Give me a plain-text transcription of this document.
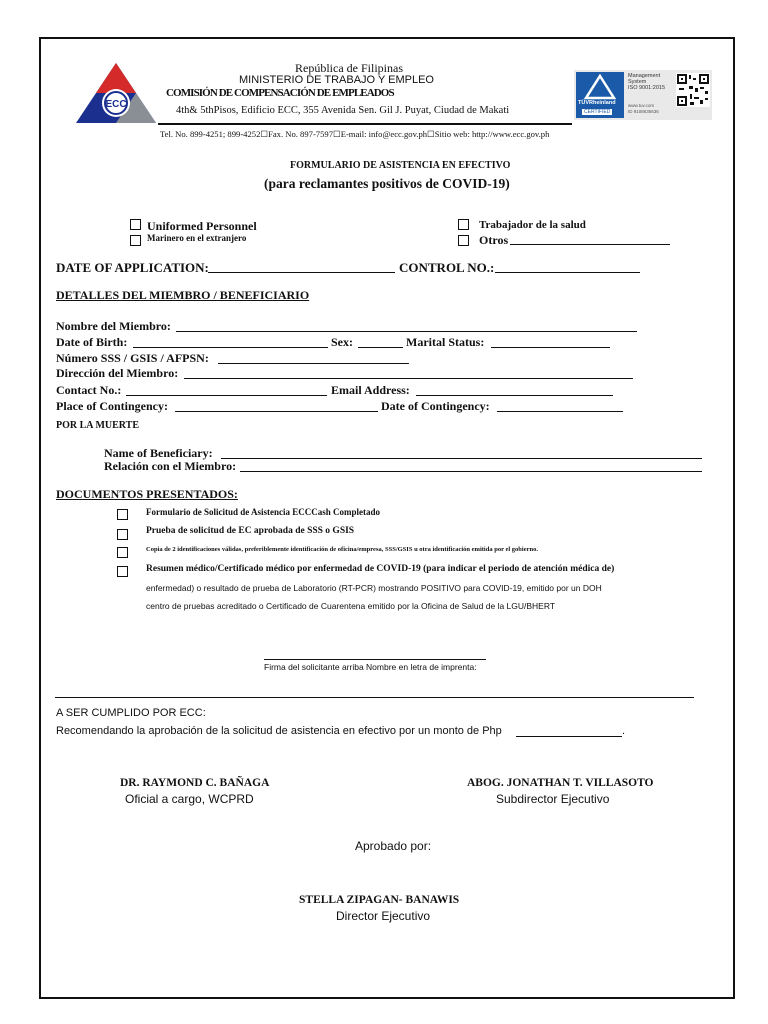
ECC
República de Filipinas
MINISTERIO DE TRABAJO Y EMPLEO
COMISIÓN DE COMPENSACIÓN DE EMPLEADOS
4th& 5thPisos, Edificio ECC, 355 Avenida Sen. Gil J. Puyat, Ciudad de Makati
Tel. No. 899-4251; 899-4252☐Fax. No. 897-7597☐E-mail: info@ecc.gov.ph☐Sitio web: http://www.ecc.gov.ph
TÜVRheinland
CERTIFIED
Management
System
ISO 9001:2015
www.tuv.com
ID 9108635636
FORMULARIO DE ASISTENCIA EN EFECTIVO
(para reclamantes positivos de COVID-19)
Uniformed Personnel
Marinero en el extranjero
Trabajador de la salud
Otros
DATE OF APPLICATION:	CONTROL NO.:
DETALLES DEL MIEMBRO / BENEFICIARIO
Nombre del Miembro:
Date of Birth:	Sex:	Marital Status:
Número SSS / GSIS / AFPSN:
Dirección del Miembro:
Contact No.:	Email Address:
Place of Contingency:	Date of Contingency:
POR LA MUERTE
Name of Beneficiary:
Relación con el Miembro:
DOCUMENTOS PRESENTADOS:
Formulario de Solicitud de Asistencia ECCCash Completado
Prueba de solicitud de EC aprobada de SSS o GSIS
Copia de 2 identificaciones válidas, preferiblemente identificación de oficina/empresa, SSS/GSIS u otra identificación emitida por el gobierno.
Resumen médico/Certificado médico por enfermedad de COVID-19 (para indicar el periodo de atención médica de)
enfermedad) o resultado de prueba de Laboratorio (RT-PCR) mostrando POSITIVO para COVID-19, emitido por un DOH
centro de pruebas acreditado o Certificado de Cuarentena emitido por la Oficina de Salud de la LGU/BHERT
Firma del solicitante arriba Nombre en letra de imprenta:
A SER CUMPLIDO POR ECC:
Recomendando la aprobación de la solicitud de asistencia en efectivo por un monto de Php	.
DR. RAYMOND C. BAÑAGA
Oficial a cargo, WCPRD
ABOG. JONATHAN T. VILLASOTO
Subdirector Ejecutivo
Aprobado por:
STELLA ZIPAGAN- BANAWIS
Director Ejecutivo
